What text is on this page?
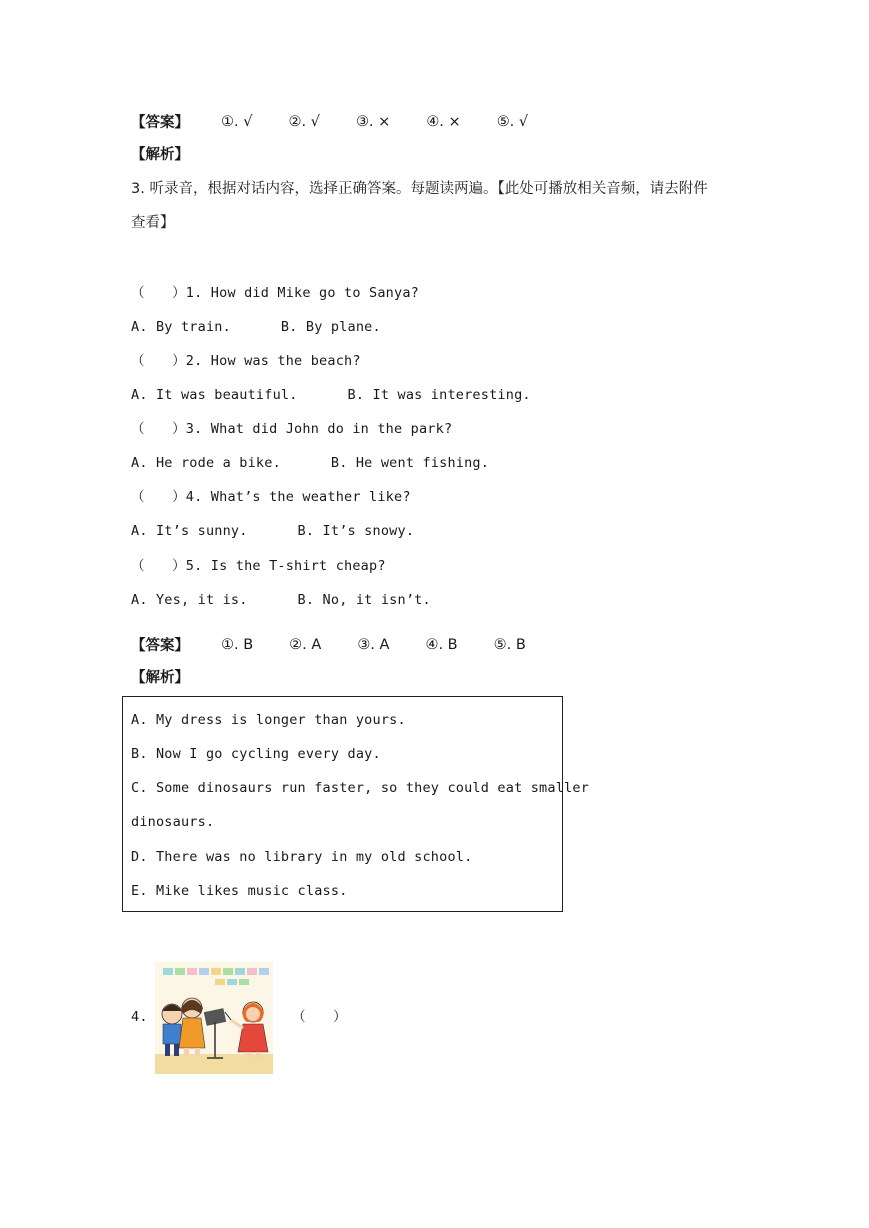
【答案】 ①. √ ②. √ ③. × ④. × ⑤. √
【解析】
3. 听录音，根据对话内容，选择正确答案。每题读两遍。【此处可播放相关音频，请去附件
查看】
（　　）1. How did Mike go to Sanya?
A. By train.      B. By plane.
（　　）2. How was the beach?
A. It was beautiful.      B. It was interesting.
（　　）3. What did John do in the park?
A. He rode a bike.      B. He went fishing.
（　　）4. What’s the weather like?
A. It’s sunny.      B. It’s snowy.
（　　）5. Is the T-shirt cheap?
A. Yes, it is.      B. No, it isn’t.
【答案】 ①. B ②. A ③. A ④. B ⑤. B
【解析】
A. My dress is longer than yours.
B. Now I go cycling every day.
C. Some dinosaurs run faster, so they could eat smaller
dinosaurs.
D. There was no library in my old school.
E. Mike likes music class.
4.	（　　）
